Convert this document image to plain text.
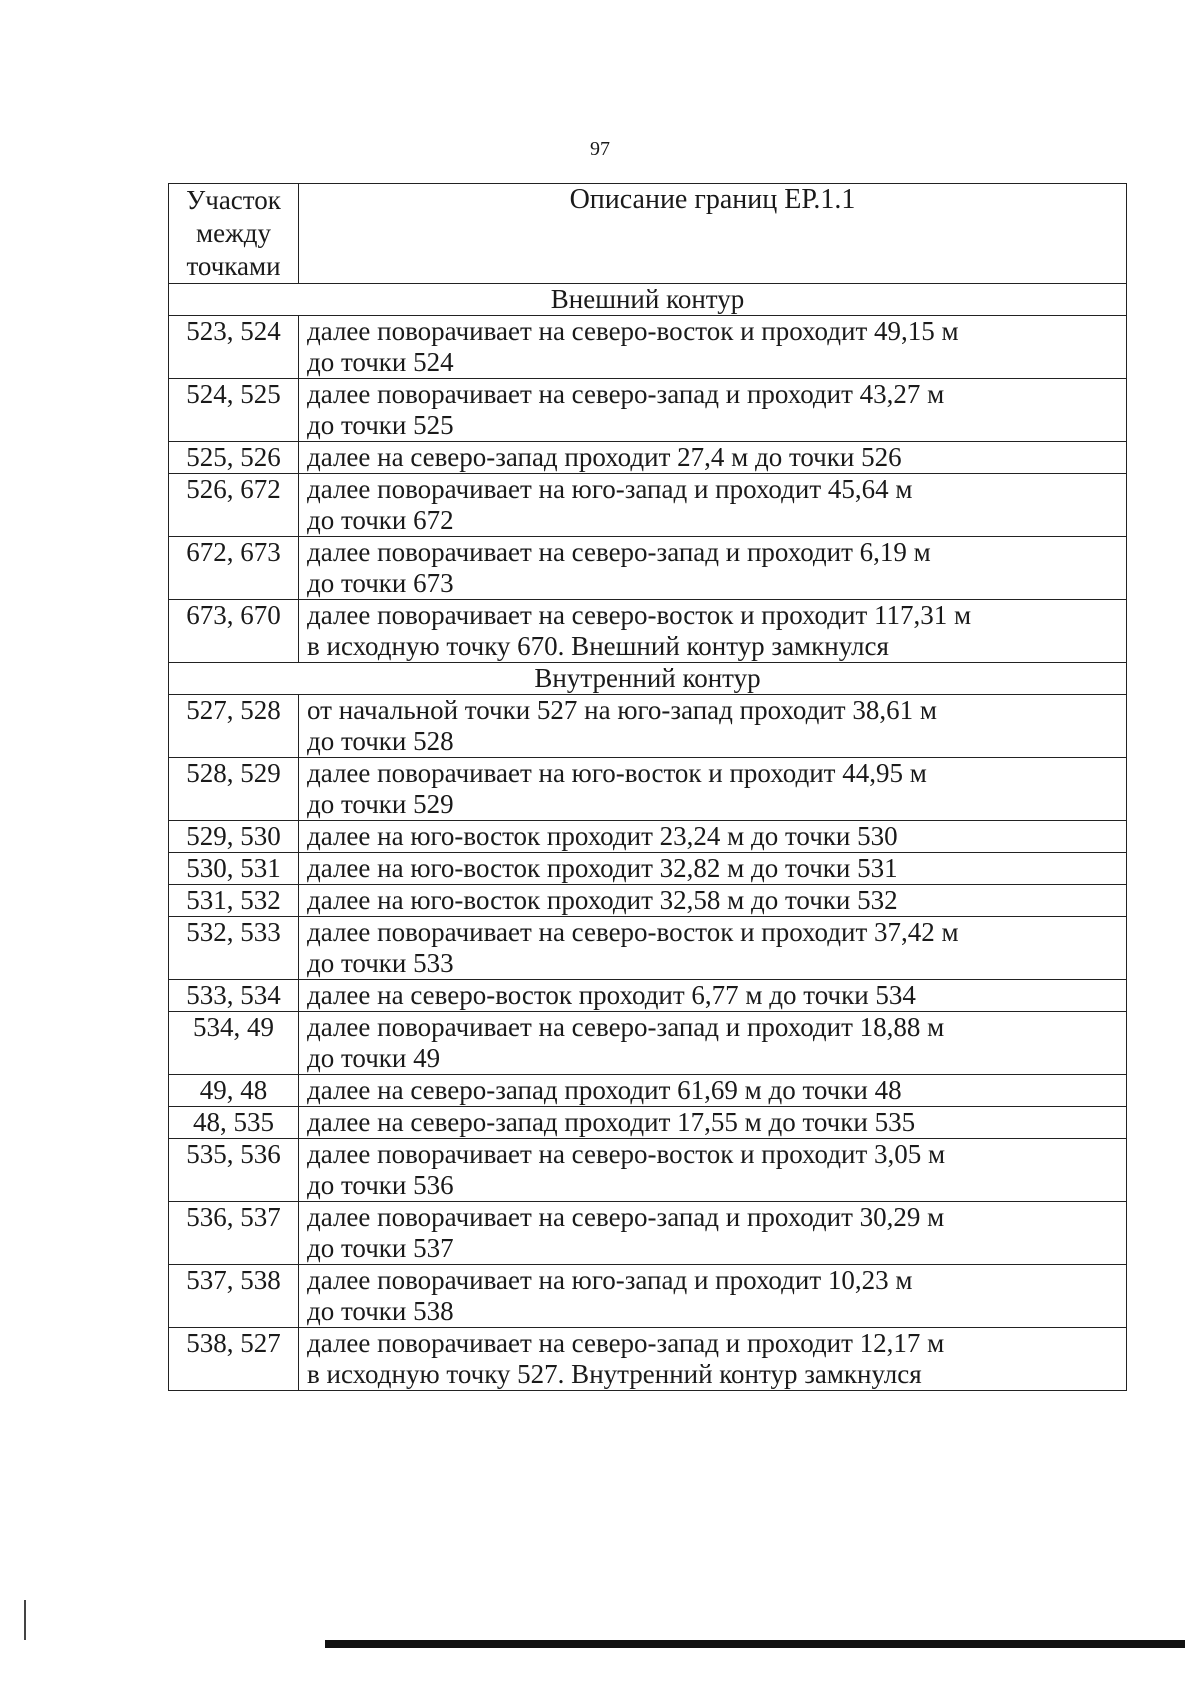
97
Участок
между
точками	Описание границ ЕР.1.1
Внешний контур	
523, 524	далее поворачивает на северо-восток и проходит 49,15 м
до точки 524

524, 525	далее поворачивает на северо-запад и проходит 43,27 м
до точки 525

525, 526	далее на северо-запад проходит 27,4 м до точки 526

526, 672	далее поворачивает на юго-запад и проходит 45,64 м
до точки 672

672, 673	далее поворачивает на северо-запад и проходит 6,19 м
до точки 673

673, 670	далее поворачивает на северо-восток и проходит 117,31 м
в исходную точку 670. Внешний контур замкнулся

Внутренний контур	
527, 528	от начальной точки 527 на юго-запад проходит 38,61 м
до точки 528

528, 529	далее поворачивает на юго-восток и проходит 44,95 м
до точки 529

529, 530	далее на юго-восток проходит 23,24 м до точки 530

530, 531	далее на юго-восток проходит 32,82 м до точки 531

531, 532	далее на юго-восток проходит 32,58 м до точки 532

532, 533	далее поворачивает на северо-восток и проходит 37,42 м
до точки 533

533, 534	далее на северо-восток проходит 6,77 м до точки 534

534, 49	далее поворачивает на северо-запад и проходит 18,88 м
до точки 49

49, 48	далее на северо-запад проходит 61,69 м до точки 48

48, 535	далее на северо-запад проходит 17,55 м до точки 535

535, 536	далее поворачивает на северо-восток и проходит 3,05 м
до точки 536

536, 537	далее поворачивает на северо-запад и проходит 30,29 м
до точки 537

537, 538	далее поворачивает на юго-запад и проходит 10,23 м
до точки 538

538, 527	далее поворачивает на северо-запад и проходит 12,17 м
в исходную точку 527. Внутренний контур замкнулся
